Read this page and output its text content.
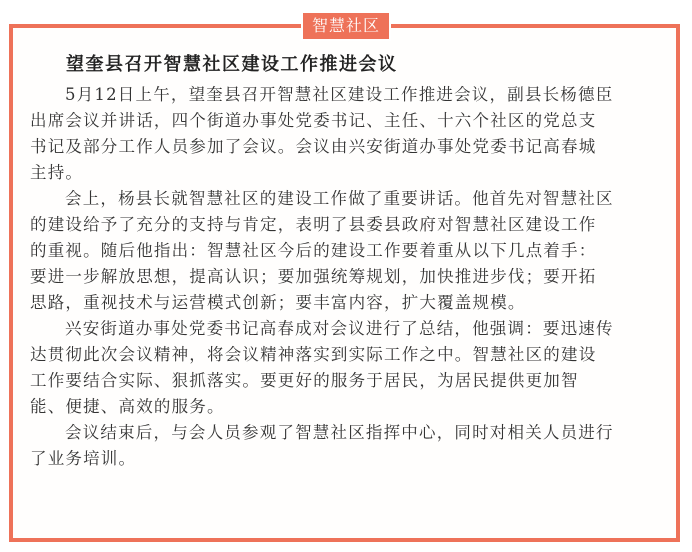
智慧社区
望奎县召开智慧社区建设工作推进会议
5月12日上午，望奎县召开智慧社区建设工作推进会议，副县长杨德臣
出席会议并讲话，四个街道办事处党委书记、主任、十六个社区的党总支
书记及部分工作人员参加了会议。会议由兴安街道办事处党委书记高春城
主持。
会上，杨县长就智慧社区的建设工作做了重要讲话。他首先对智慧社区
的建设给予了充分的支持与肯定，表明了县委县政府对智慧社区建设工作
的重视。随后他指出：智慧社区今后的建设工作要着重从以下几点着手：
要进一步解放思想，提高认识；要加强统筹规划，加快推进步伐；要开拓
思路，重视技术与运营模式创新；要丰富内容，扩大覆盖规模。
兴安街道办事处党委书记高春成对会议进行了总结，他强调：要迅速传
达贯彻此次会议精神，将会议精神落实到实际工作之中。智慧社区的建设
工作要结合实际、狠抓落实。要更好的服务于居民，为居民提供更加智
能、便捷、高效的服务。
会议结束后，与会人员参观了智慧社区指挥中心，同时对相关人员进行
了业务培训。
